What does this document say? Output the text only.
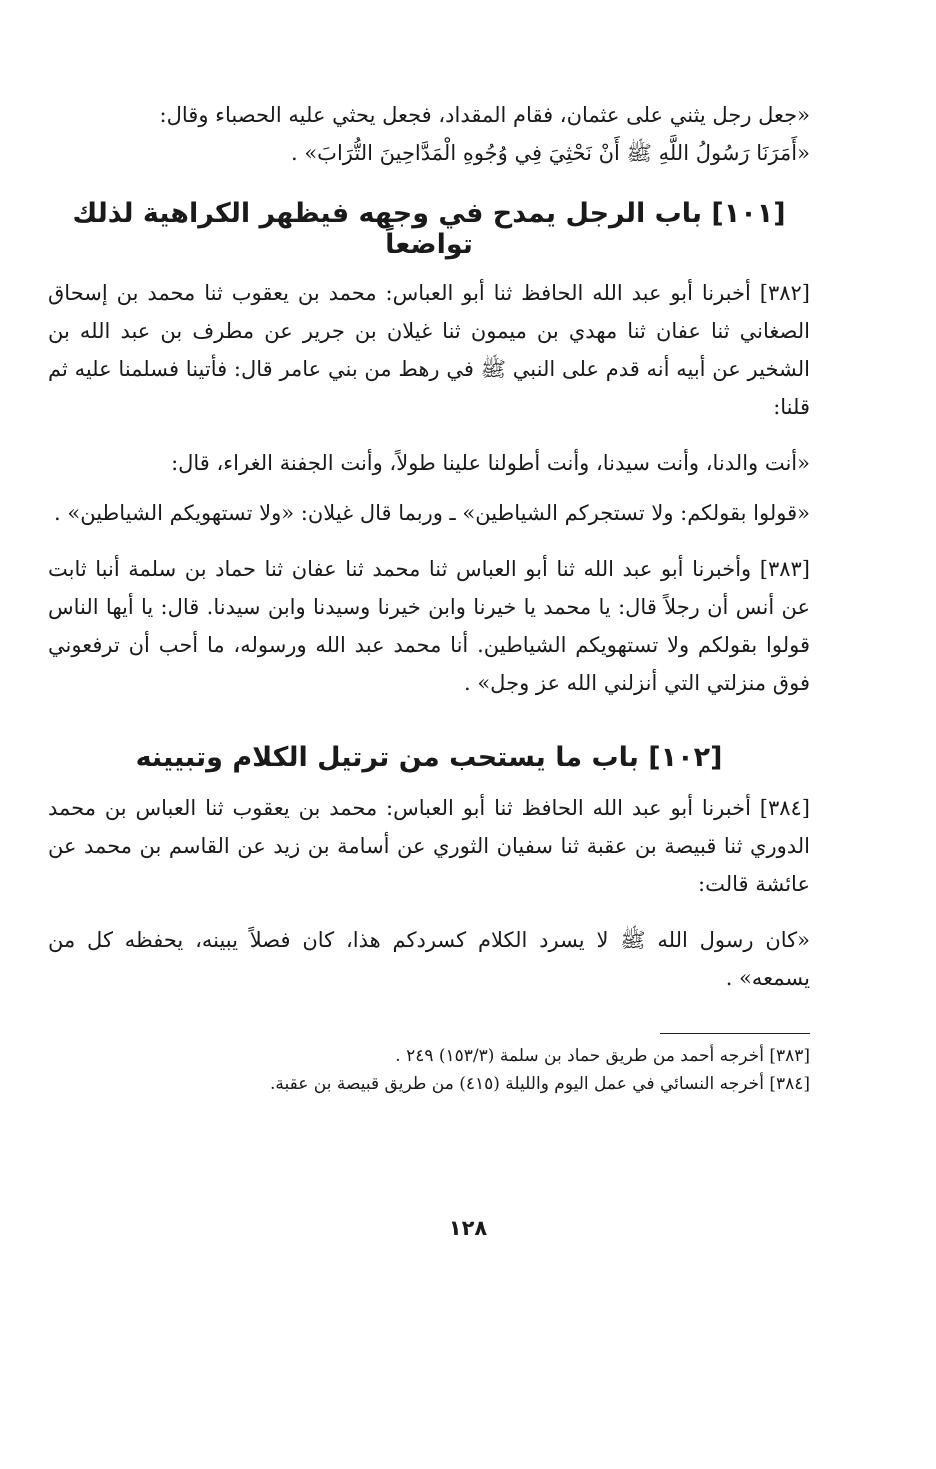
«جعل رجل يثني على عثمان، فقام المقداد، فجعل يحثي عليه الحصباء وقال:

«أَمَرَنَا رَسُولُ اللَّهِ ﷺ أَنْ نَحْثِيَ فِي وُجُوهِ الْمَدَّاحِينَ التُّرَابَ» .

[١٠١] باب الرجل يمدح في وجهه فيظهر الكراهية لذلك تواضعاً

[٣٨٢] أخبرنا أبو عبد الله الحافظ ثنا أبو العباس: محمد بن يعقوب ثنا محمد بن إسحاق الصغاني ثنا عفان ثنا مهدي بن ميمون ثنا غيلان بن جرير عن مطرف بن عبد الله بن الشخير عن أبيه أنه قدم على النبي ﷺ في رهط من بني عامر قال: فأتينا فسلمنا عليه ثم قلنا:

«أنت والدنا، وأنت سيدنا، وأنت أطولنا علينا طولاً، وأنت الجفنة الغراء، قال:

«قولوا بقولكم: ولا تستجركم الشياطين» ـ وربما قال غيلان: «ولا تستهويكم الشياطين» .

[٣٨٣] وأخبرنا أبو عبد الله ثنا أبو العباس ثنا محمد ثنا عفان ثنا حماد بن سلمة أنبا ثابت عن أنس أن رجلاً قال: يا محمد يا خيرنا وابن خيرنا وسيدنا وابن سيدنا. قال: يا أيها الناس قولوا بقولكم ولا تستهويكم الشياطين. أنا محمد عبد الله ورسوله، ما أحب أن ترفعوني فوق منزلتي التي أنزلني الله عز وجل» .

[١٠٢] باب ما يستحب من ترتيل الكلام وتبيينه

[٣٨٤] أخبرنا أبو عبد الله الحافظ ثنا أبو العباس: محمد بن يعقوب ثنا العباس بن محمد الدوري ثنا قبيصة بن عقبة ثنا سفيان الثوري عن أسامة بن زيد عن القاسم بن محمد عن عائشة قالت:

«كان رسول الله ﷺ لا يسرد الكلام كسردكم هذا، كان فصلاً يبينه، يحفظه كل من يسمعه» .

[٣٨٣] أخرجه أحمد من طريق حماد بن سلمة (١٥٣/٣) ٢٤٩ .

[٣٨٤] أخرجه النسائي في عمل اليوم والليلة (٤١٥) من طريق قبيصة بن عقبة.

١٢٨
